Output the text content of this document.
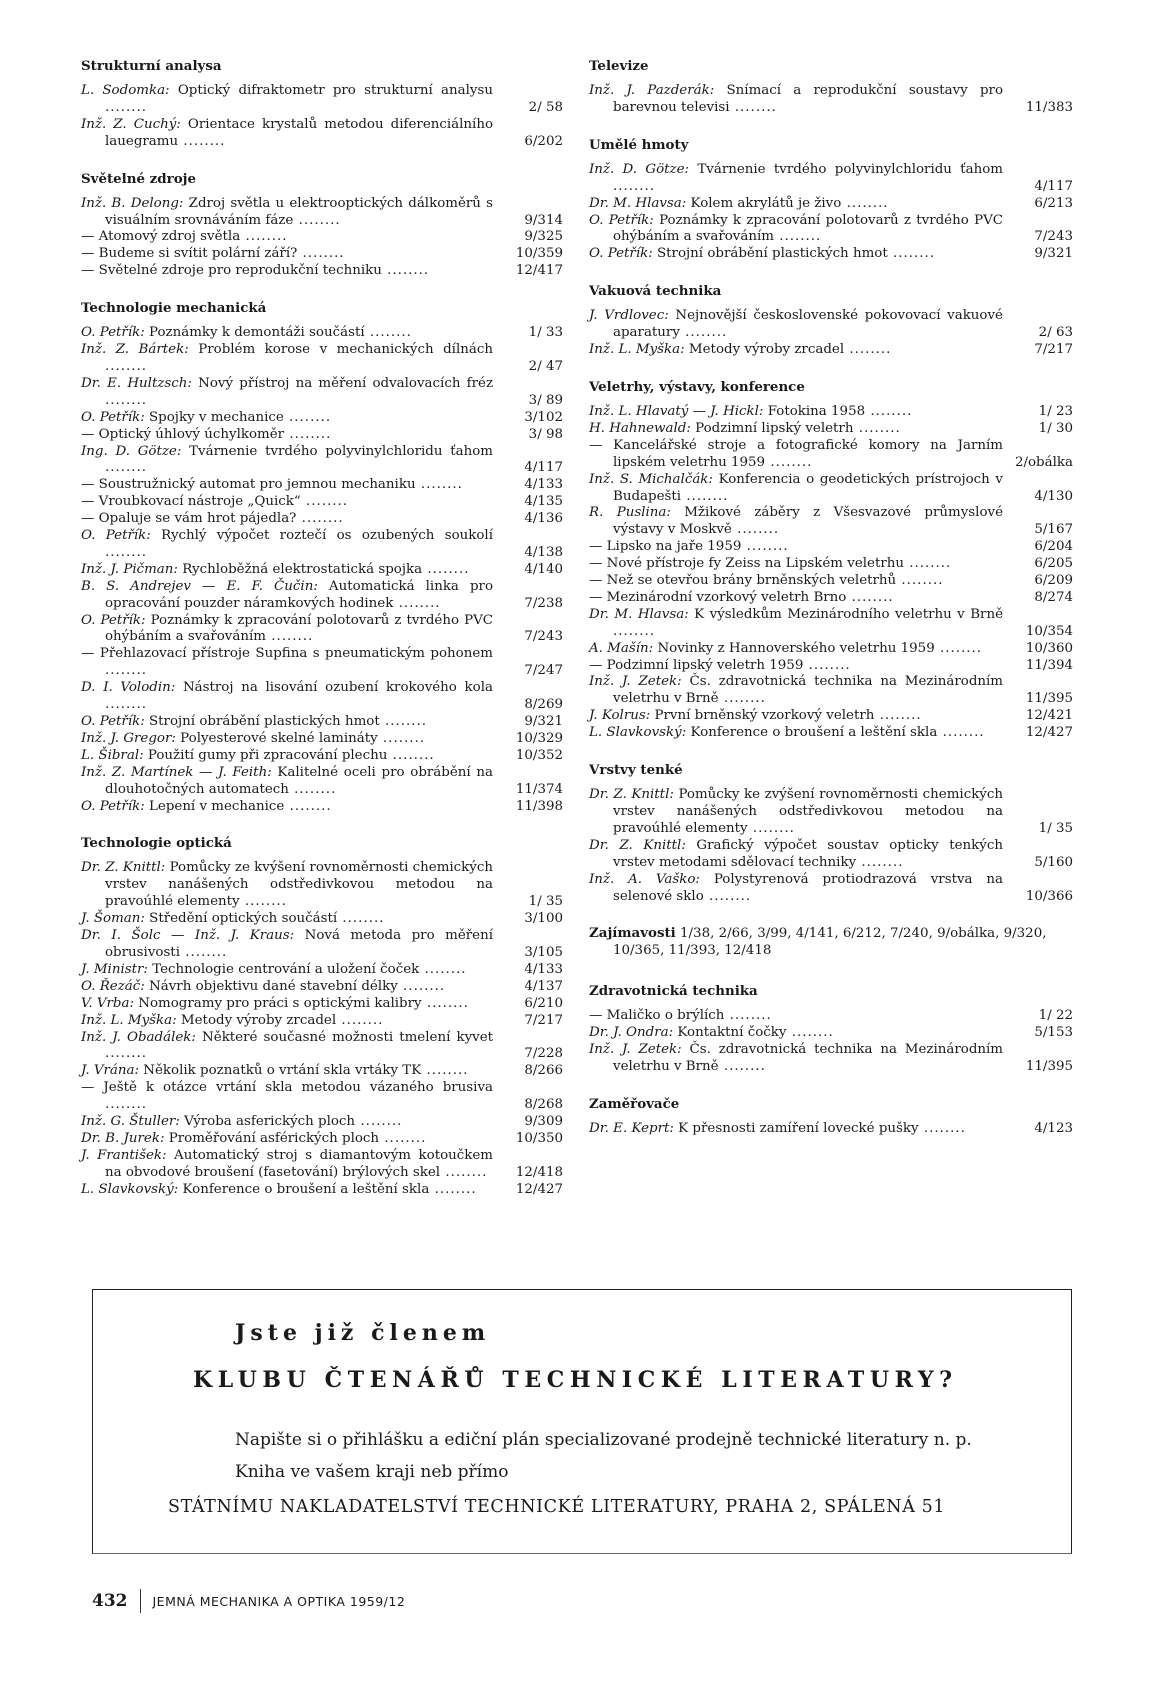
Strukturní analysa
L. Sodomka: Optický difraktometr pro strukturní analysu ........	2/ 58
Inž. Z. Cuchý: Orientace krystalů metodou diferenciálního lauegramu ........	6/202
Světelné zdroje
Inž. B. Delong: Zdroj světla u elektrooptických dálkoměrů s visuálním srovnáváním fáze ........	9/314
— Atomový zdroj světla ........	9/325
— Budeme si svítit polární září? ........	10/359
— Světelné zdroje pro reprodukční techniku ........	12/417
Technologie mechanická
O. Petřík: Poznámky k demontáži součástí ........	1/ 33
Inž. Z. Bártek: Problém korose v mechanických dílnách ........	2/ 47
Dr. E. Hultzsch: Nový přístroj na měření odvalovacích fréz ........	3/ 89
O. Petřík: Spojky v mechanice ........	3/102
— Optický úhlový úchylkoměr ........	3/ 98
Ing. D. Götze: Tvárnenie tvrdého polyvinylchloridu ťahom ........	4/117
— Soustružnický automat pro jemnou mechaniku ........	4/133
— Vroubkovací nástroje „Quick“ ........	4/135
— Opaluje se vám hrot pájedla? ........	4/136
O. Petřík: Rychlý výpočet roztečí os ozubených soukolí ........	4/138
Inž. J. Pičman: Rychloběžná elektrostatická spojka ........	4/140
B. S. Andrejev — E. F. Čučin: Automatická linka pro opracování pouzder náramkových hodinek ........	7/238
O. Petřík: Poznámky k zpracování polotovarů z tvrdého PVC ohýbáním a svařováním ........	7/243
— Přehlazovací přístroje Supfina s pneumatickým pohonem ........	7/247
D. I. Volodin: Nástroj na lisování ozubení krokového kola ........	8/269
O. Petřík: Strojní obrábění plastických hmot ........	9/321
Inž. J. Gregor: Polyesterové skelné lamináty ........	10/329
L. Šibral: Použití gumy při zpracování plechu ........	10/352
Inž. Z. Martínek — J. Feith: Kalitelné oceli pro obrábění na dlouhotočných automatech ........	11/374
O. Petřík: Lepení v mechanice ........	11/398
Technologie optická
Dr. Z. Knittl: Pomůcky ze kvýšení rovnoměrnosti chemických vrstev nanášených odstředivkovou metodou na pravoúhlé elementy ........	1/ 35
J. Šoman: Středění optických součástí ........	3/100
Dr. I. Šolc — Inž. J. Kraus: Nová metoda pro měření obrusivosti ........	3/105
J. Ministr: Technologie centrování a uložení čoček ........	4/133
O. Řezáč: Návrh objektivu dané stavební délky ........	4/137
V. Vrba: Nomogramy pro práci s optickými kalibry ........	6/210
Inž. L. Myška: Metody výroby zrcadel ........	7/217
Inž. J. Obadálek: Některé současné možnosti tmelení kyvet ........	7/228
J. Vrána: Několik poznatků o vrtání skla vrtáky TK ........	8/266
— Ještě k otázce vrtání skla metodou vázaného brusiva ........	8/268
Inž. G. Štuller: Výroba asferických ploch ........	9/309
Dr. B. Jurek: Proměřování asférických ploch ........	10/350
J. František: Automatický stroj s diamantovým kotoučkem na obvodové broušení (fasetování) brýlových skel ........	12/418
L. Slavkovský: Konference o broušení a leštění skla ........	12/427
Televize
Inž. J. Pazderák: Snímací a reprodukční soustavy pro barevnou televisi ........	11/383
Umělé hmoty
Inž. D. Götze: Tvárnenie tvrdého polyvinylchloridu ťahom ........	4/117
Dr. M. Hlavsa: Kolem akrylátů je živo ........	6/213
O. Petřík: Poznámky k zpracování polotovarů z tvrdého PVC ohýbáním a svařováním ........	7/243
O. Petřík: Strojní obrábění plastických hmot ........	9/321
Vakuová technika
J. Vrdlovec: Nejnovější československé pokovovací vakuové aparatury ........	2/ 63
Inž. L. Myška: Metody výroby zrcadel ........	7/217
Veletrhy, výstavy, konference
Inž. L. Hlavatý — J. Hickl: Fotokina 1958 ........	1/ 23
H. Hahnewald: Podzimní lipský veletrh ........	1/ 30
— Kancelářské stroje a fotografické komory na Jarním lipském veletrhu 1959 ........	2/obálka
Inž. S. Michalčák: Konferencia o geodetických prístrojoch v Budapešti ........	4/130
R. Puslina: Mžikové záběry z Všesvazové průmyslové výstavy v Moskvě ........	5/167
— Lipsko na jaře 1959 ........	6/204
— Nové přístroje fy Zeiss na Lipském veletrhu ........	6/205
— Než se otevřou brány brněnských veletrhů ........	6/209
— Mezinárodní vzorkový veletrh Brno ........	8/274
Dr. M. Hlavsa: K výsledkům Mezinárodního veletrhu v Brně ........	10/354
A. Mašín: Novinky z Hannoverského veletrhu 1959 ........	10/360
— Podzimní lipský veletrh 1959 ........	11/394
Inž. J. Zetek: Čs. zdravotnická technika na Mezinárodním veletrhu v Brně ........	11/395
J. Kolrus: První brněnský vzorkový veletrh ........	12/421
L. Slavkovský: Konference o broušení a leštění skla ........	12/427
Vrstvy tenké
Dr. Z. Knittl: Pomůcky ke zvýšení rovnoměrnosti chemických vrstev nanášených odstředivkovou metodou na pravoúhlé elementy ........	1/ 35
Dr. Z. Knittl: Grafický výpočet soustav opticky tenkých vrstev metodami sdělovací techniky ........	5/160
Inž. A. Vaško: Polystyrenová protiodrazová vrstva na selenové sklo ........	10/366
Zajímavosti 1/38, 2/66, 3/99, 4/141, 6/212, 7/240, 9/obálka, 9/320, 10/365, 11/393, 12/418
Zdravotnická technika
— Maličko o brýlích ........	1/ 22
Dr. J. Ondra: Kontaktní čočky ........	5/153
Inž. J. Zetek: Čs. zdravotnická technika na Mezinárodním veletrhu v Brně ........	11/395
Zaměřovače
Dr. E. Keprt: K přesnosti zamíření lovecké pušky ........	4/123
Jste již členem
KLUBU ČTENÁŘŮ TECHNICKÉ LITERATURY?
Napište si o přihlášku a ediční plán specializované prodejně technické literatury n. p. Kniha ve vašem kraji neb přímo
STÁTNÍMU NAKLADATELSTVÍ TECHNICKÉ LITERATURY, PRAHA 2, SPÁLENÁ 51
432 JEMNÁ MECHANIKA A OPTIKA 1959/12
